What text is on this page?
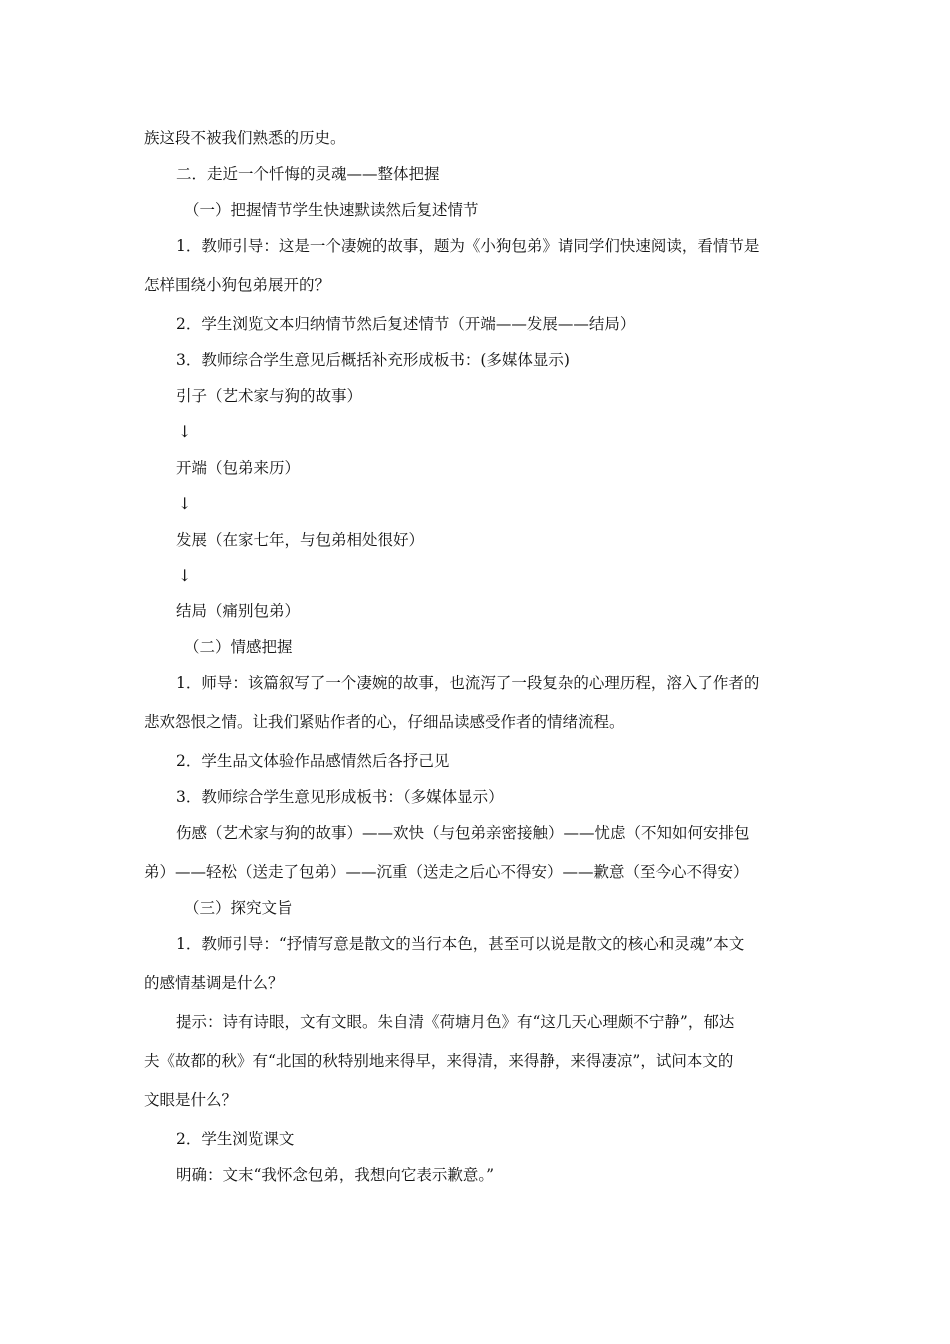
族这段不被我们熟悉的历史。
二．走近一个忏悔的灵魂——整体把握
（一）把握情节学生快速默读然后复述情节
1．教师引导：这是一个凄婉的故事，题为《小狗包弟》请同学们快速阅读，看情节是
怎样围绕小狗包弟展开的？
2．学生浏览文本归纳情节然后复述情节（开端——发展——结局）
3．教师综合学生意见后概括补充形成板书：(多媒体显示)
引子（艺术家与狗的故事）
↓
开端（包弟来历）
↓
发展（在家七年，与包弟相处很好）
↓
结局（痛别包弟）
（二）情感把握
1．师导：该篇叙写了一个凄婉的故事，也流泻了一段复杂的心理历程，溶入了作者的
悲欢怨恨之情。让我们紧贴作者的心，仔细品读感受作者的情绪流程。
2．学生品文体验作品感情然后各抒己见
3．教师综合学生意见形成板书：（多媒体显示）
伤感（艺术家与狗的故事）——欢快（与包弟亲密接触）——忧虑（不知如何安排包
弟）——轻松（送走了包弟）——沉重（送走之后心不得安）——歉意（至今心不得安）
（三）探究文旨
1．教师引导：“抒情写意是散文的当行本色，甚至可以说是散文的核心和灵魂”本文
的感情基调是什么？
提示：诗有诗眼，文有文眼。朱自清《荷塘月色》有“这几天心理颇不宁静”，郁达
夫《故都的秋》有“北国的秋特别地来得早，来得清，来得静，来得凄凉”，试问本文的
文眼是什么？
2．学生浏览课文
明确：文末“我怀念包弟，我想向它表示歉意。”
